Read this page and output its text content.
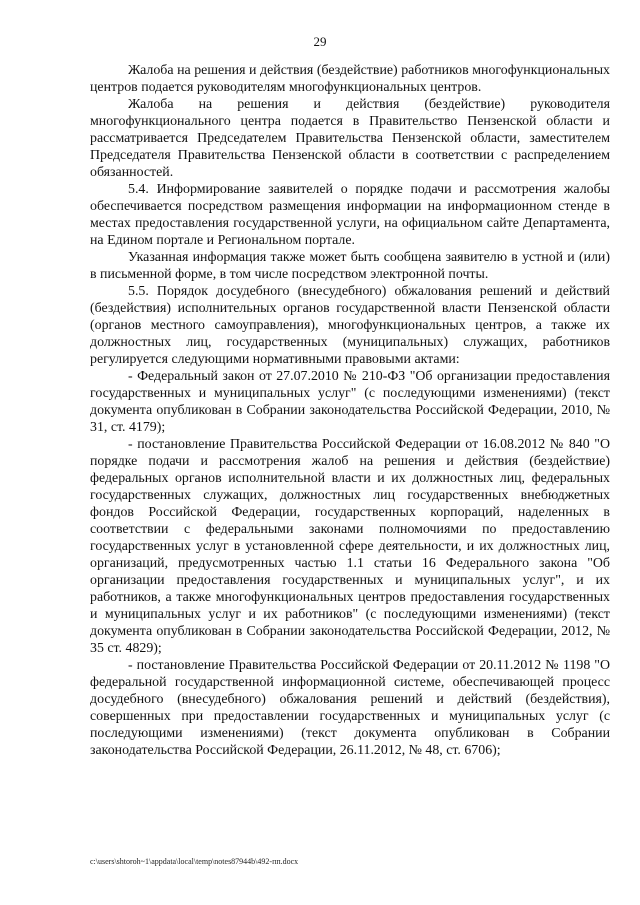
29

Жалоба на решения и действия (бездействие) работников многофункциональных центров подается руководителям многофункциональных центров.

Жалоба на решения и действия (бездействие) руководителя многофункционального центра подается в Правительство Пензенской области и рассматривается Председателем Правительства Пензенской области, заместителем Председателя Правительства Пензенской области в соответствии с распределением обязанностей.

5.4. Информирование заявителей о порядке подачи и рассмотрения жалобы обеспечивается посредством размещения информации на информационном стенде в местах предоставления государственной услуги, на официальном сайте Департамента, на Едином портале и Региональном портале.

Указанная информация также может быть сообщена заявителю в устной и (или) в письменной форме, в том числе посредством электронной почты.

5.5. Порядок досудебного (внесудебного) обжалования решений и действий (бездействия) исполнительных органов государственной власти Пензенской области (органов местного самоуправления), многофункциональных центров, а также их должностных лиц, государственных (муниципальных) служащих, работников регулируется следующими нормативными правовыми актами:

- Федеральный закон от 27.07.2010 № 210-ФЗ "Об организации предоставления государственных и муниципальных услуг" (с последующими изменениями) (текст документа опубликован в Собрании законодательства Российской Федерации, 2010, № 31, ст. 4179);

- постановление Правительства Российской Федерации от 16.08.2012 № 840 "О порядке подачи и рассмотрения жалоб на решения и действия (бездействие) федеральных органов исполнительной власти и их должностных лиц, федеральных государственных служащих, должностных лиц государственных внебюджетных фондов Российской Федерации, государственных корпораций, наделенных в соответствии с федеральными законами полномочиями по предоставлению государственных услуг в установленной сфере деятельности, и их должностных лиц, организаций, предусмотренных частью 1.1 статьи 16 Федерального закона "Об организации предоставления государственных и муниципальных услуг", и их работников, а также многофункциональных центров предоставления государственных и муниципальных услуг и их работников" (с последующими изменениями) (текст документа опубликован в Собрании законодательства Российской Федерации, 2012, № 35 ст. 4829);

- постановление Правительства Российской Федерации от 20.11.2012 № 1198 "О федеральной государственной информационной системе, обеспечивающей процесс досудебного (внесудебного) обжалования решений и действий (бездействия), совершенных при предоставлении государственных и муниципальных услуг (с последующими изменениями) (текст документа опубликован в Собрании законодательства Российской Федерации, 26.11.2012, № 48, ст. 6706);

c:\users\shtoroh~1\appdata\local\temp\notes87944b\492-пп.docx
